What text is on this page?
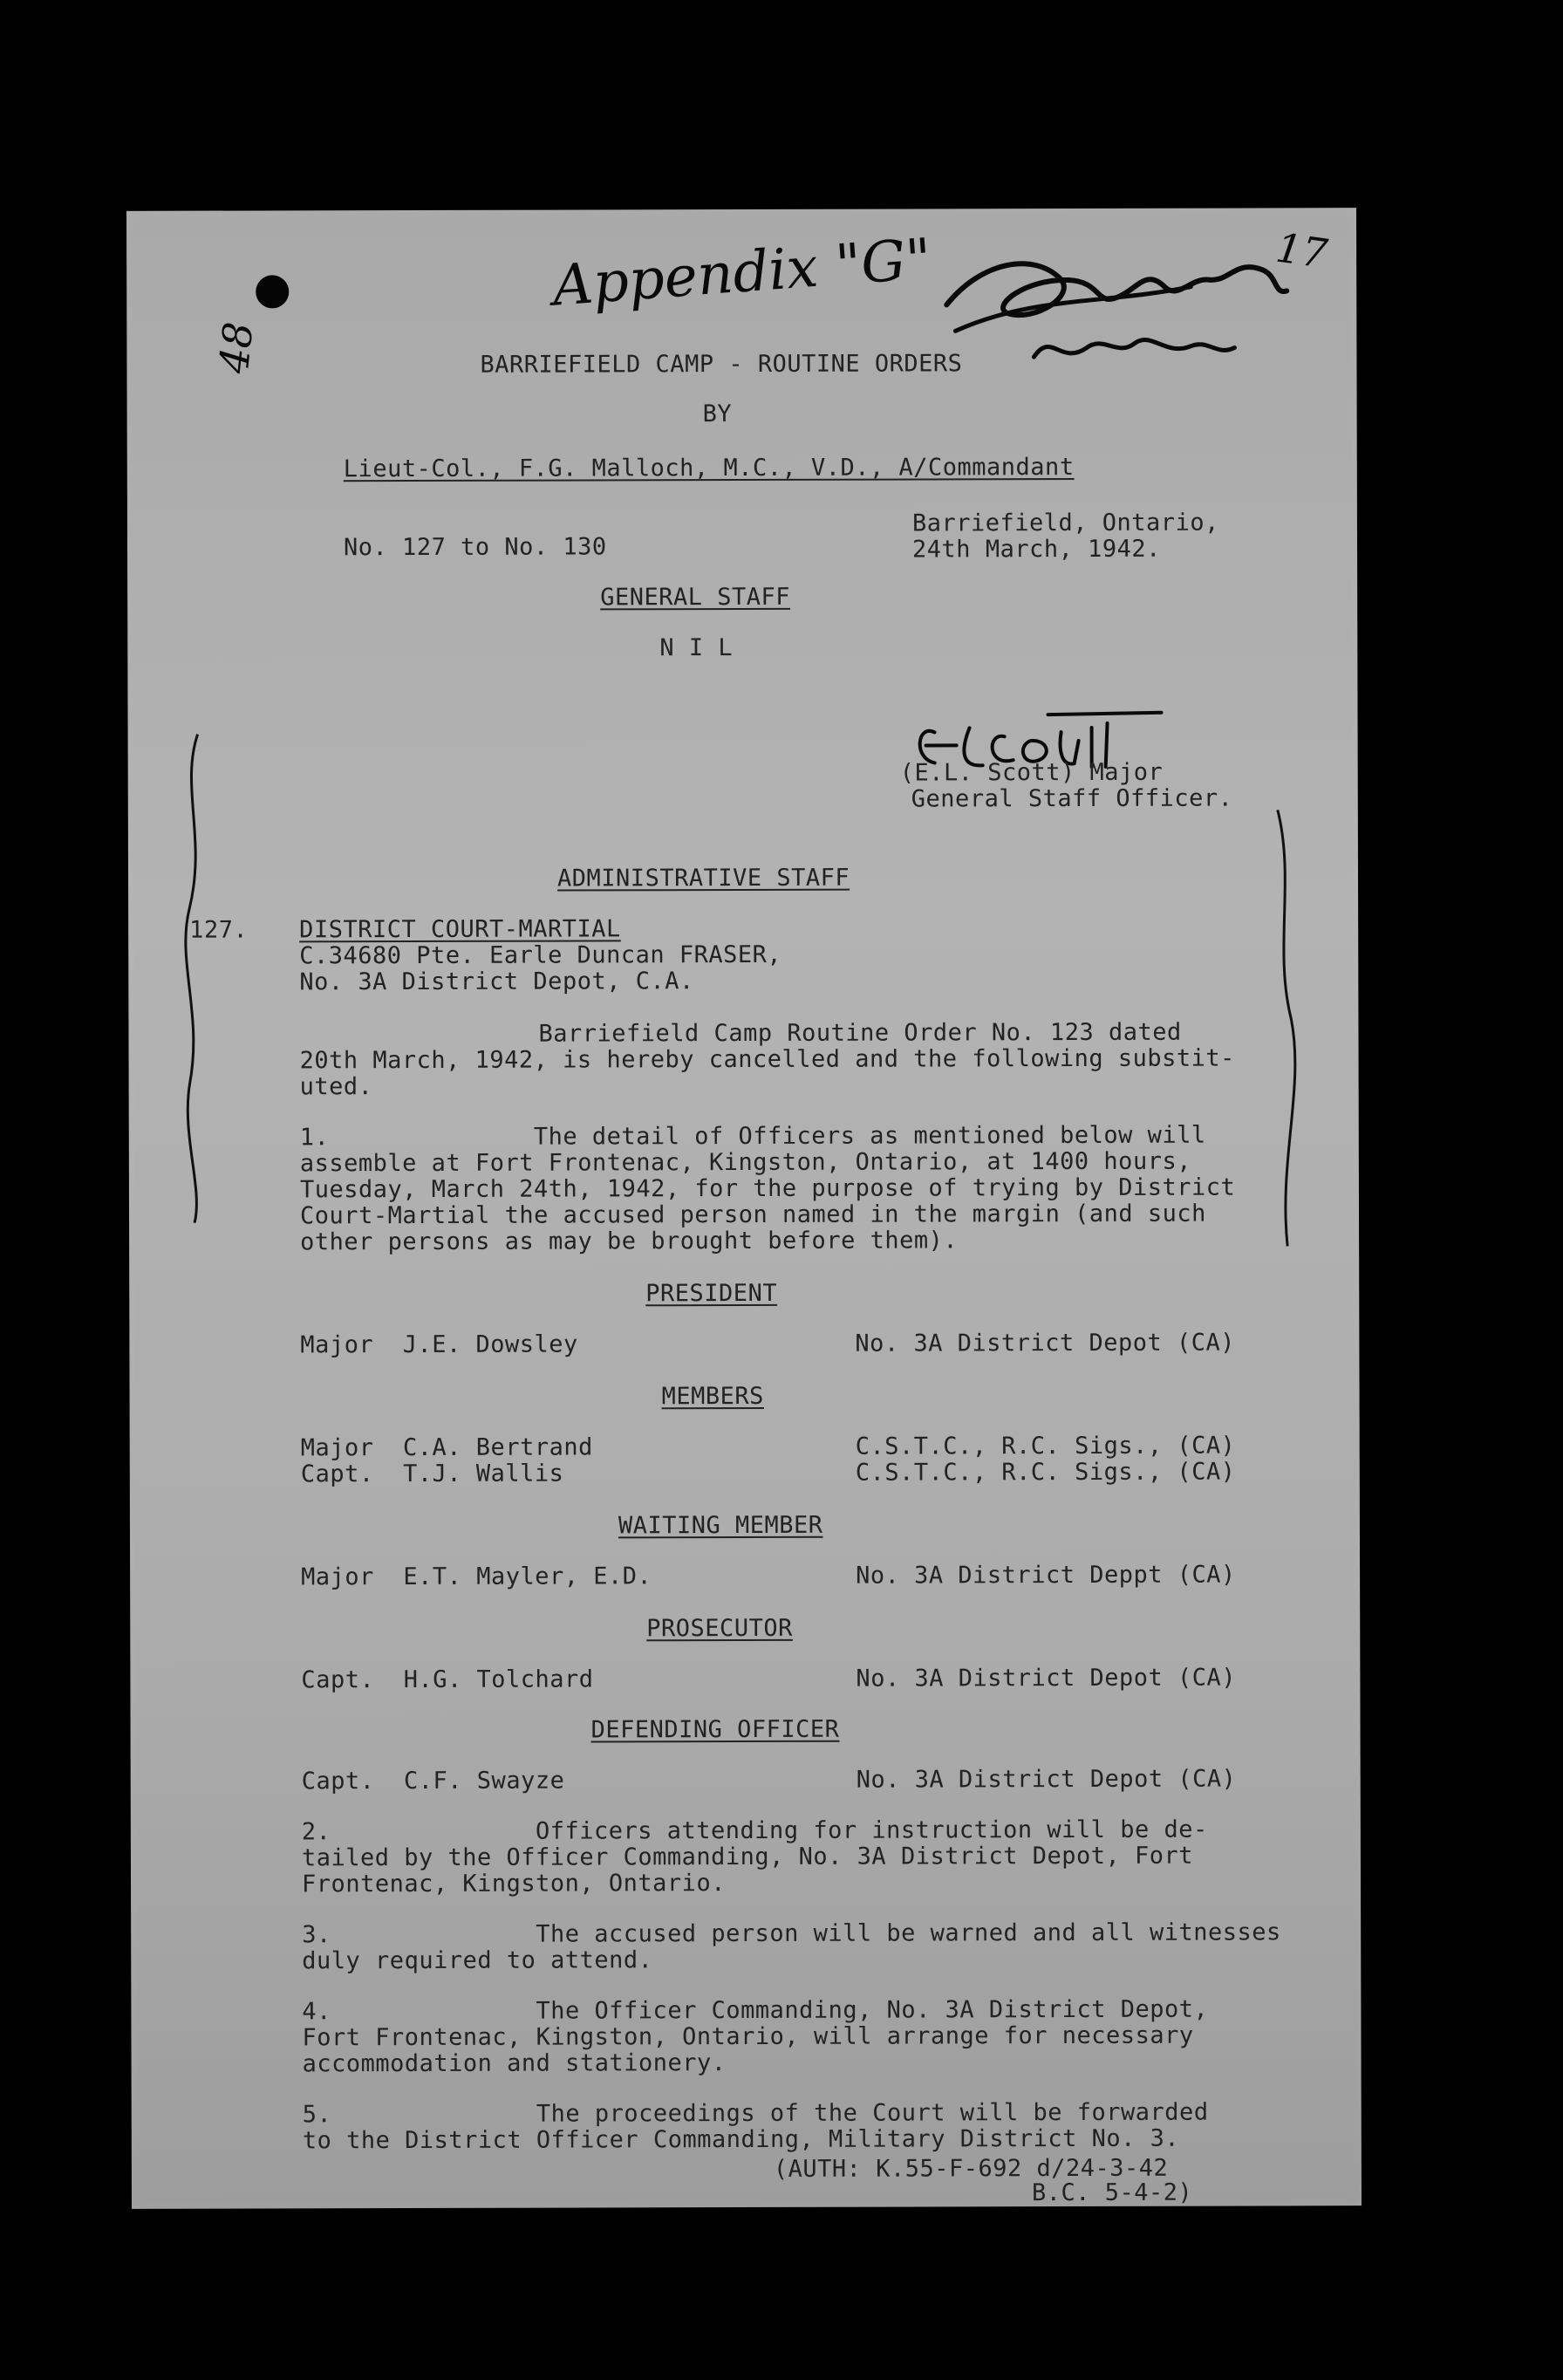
Appendix "G"	17
48	BARRIEFIELD CAMP - ROUTINE ORDERS
BY
Lieut-Col., F.G. Malloch, M.C., V.D., A/Commandant
No. 127 to No. 130
Barriefield, Ontario,
24th March, 1942.
GENERAL STAFF
N I L
(E.L. Scott) Major
General Staff Officer.
ADMINISTRATIVE STAFF
127. DISTRICT COURT-MARTIAL
C.34680 Pte. Earle Duncan FRASER,
No. 3A District Depot, C.A.
Barriefield Camp Routine Order No. 123 dated
20th March, 1942, is hereby cancelled and the following substit-
uted.
1.              The detail of Officers as mentioned below will
assemble at Fort Frontenac, Kingston, Ontario, at 1400 hours,
Tuesday, March 24th, 1942, for the purpose of trying by District
Court-Martial the accused person named in the margin (and such
other persons as may be brought before them).
PRESIDENT
Major  J.E. Dowsley	No. 3A District Depot (CA)
MEMBERS
Major  C.A. Bertrand	C.S.T.C., R.C. Sigs., (CA)
Capt.  T.J. Wallis	C.S.T.C., R.C. Sigs., (CA)
WAITING MEMBER
Major  E.T. Mayler, E.D.	No. 3A District Deppt (CA)
PROSECUTOR
Capt.  H.G. Tolchard	No. 3A District Depot (CA)
DEFENDING OFFICER
Capt.  C.F. Swayze	No. 3A District Depot (CA)
2.              Officers attending for instruction will be de-
tailed by the Officer Commanding, No. 3A District Depot, Fort
Frontenac, Kingston, Ontario.
3.              The accused person will be warned and all witnesses
duly required to attend.
4.              The Officer Commanding, No. 3A District Depot,
Fort Frontenac, Kingston, Ontario, will arrange for necessary
accommodation and stationery.
5.              The proceedings of the Court will be forwarded
to the District Officer Commanding, Military District No. 3.
(AUTH: K.55-F-692 d/24-3-42
B.C. 5-4-2)
